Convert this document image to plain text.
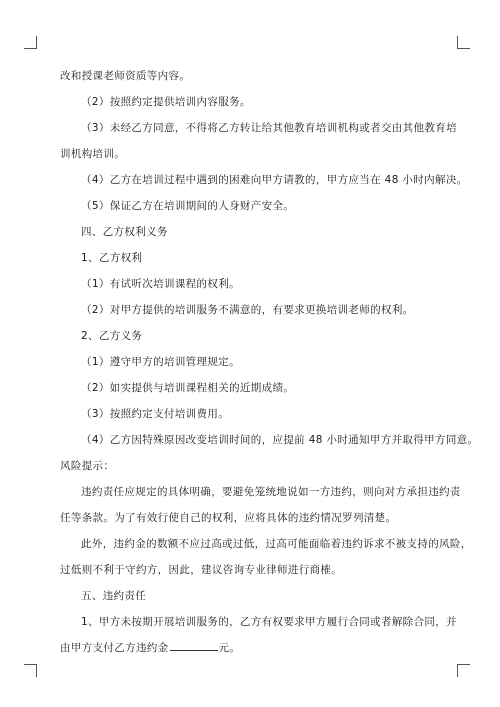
改和授课老师资质等内容。
（2）按照约定提供培训内容服务。
（3）未经乙方同意，不得将乙方转让给其他教育培训机构或者交由其他教育培
训机构培训。
（4）乙方在培训过程中遇到的困难向甲方请教的，甲方应当在 48 小时内解决。
（5）保证乙方在培训期间的人身财产安全。
四、乙方权利义务
1、乙方权利
（1）有试听次培训课程的权利。
（2）对甲方提供的培训服务不满意的，有要求更换培训老师的权利。
2、乙方义务
（1）遵守甲方的培训管理规定。
（2）如实提供与培训课程相关的近期成绩。
（3）按照约定支付培训费用。
（4）乙方因特殊原因改变培训时间的，应提前 48 小时通知甲方并取得甲方同意。
风险提示：
违约责任应规定的具体明确，要避免笼统地说如一方违约，则向对方承担违约责
任等条款。为了有效行使自己的权利，应将具体的违约情况罗列清楚。
此外，违约金的数额不应过高或过低，过高可能面临着违约诉求不被支持的风险，
过低则不利于守约方，因此，建议咨询专业律师进行商榷。
五、违约责任
1、甲方未按期开展培训服务的，乙方有权要求甲方履行合同或者解除合同，并
由甲方支付乙方违约金	元。
